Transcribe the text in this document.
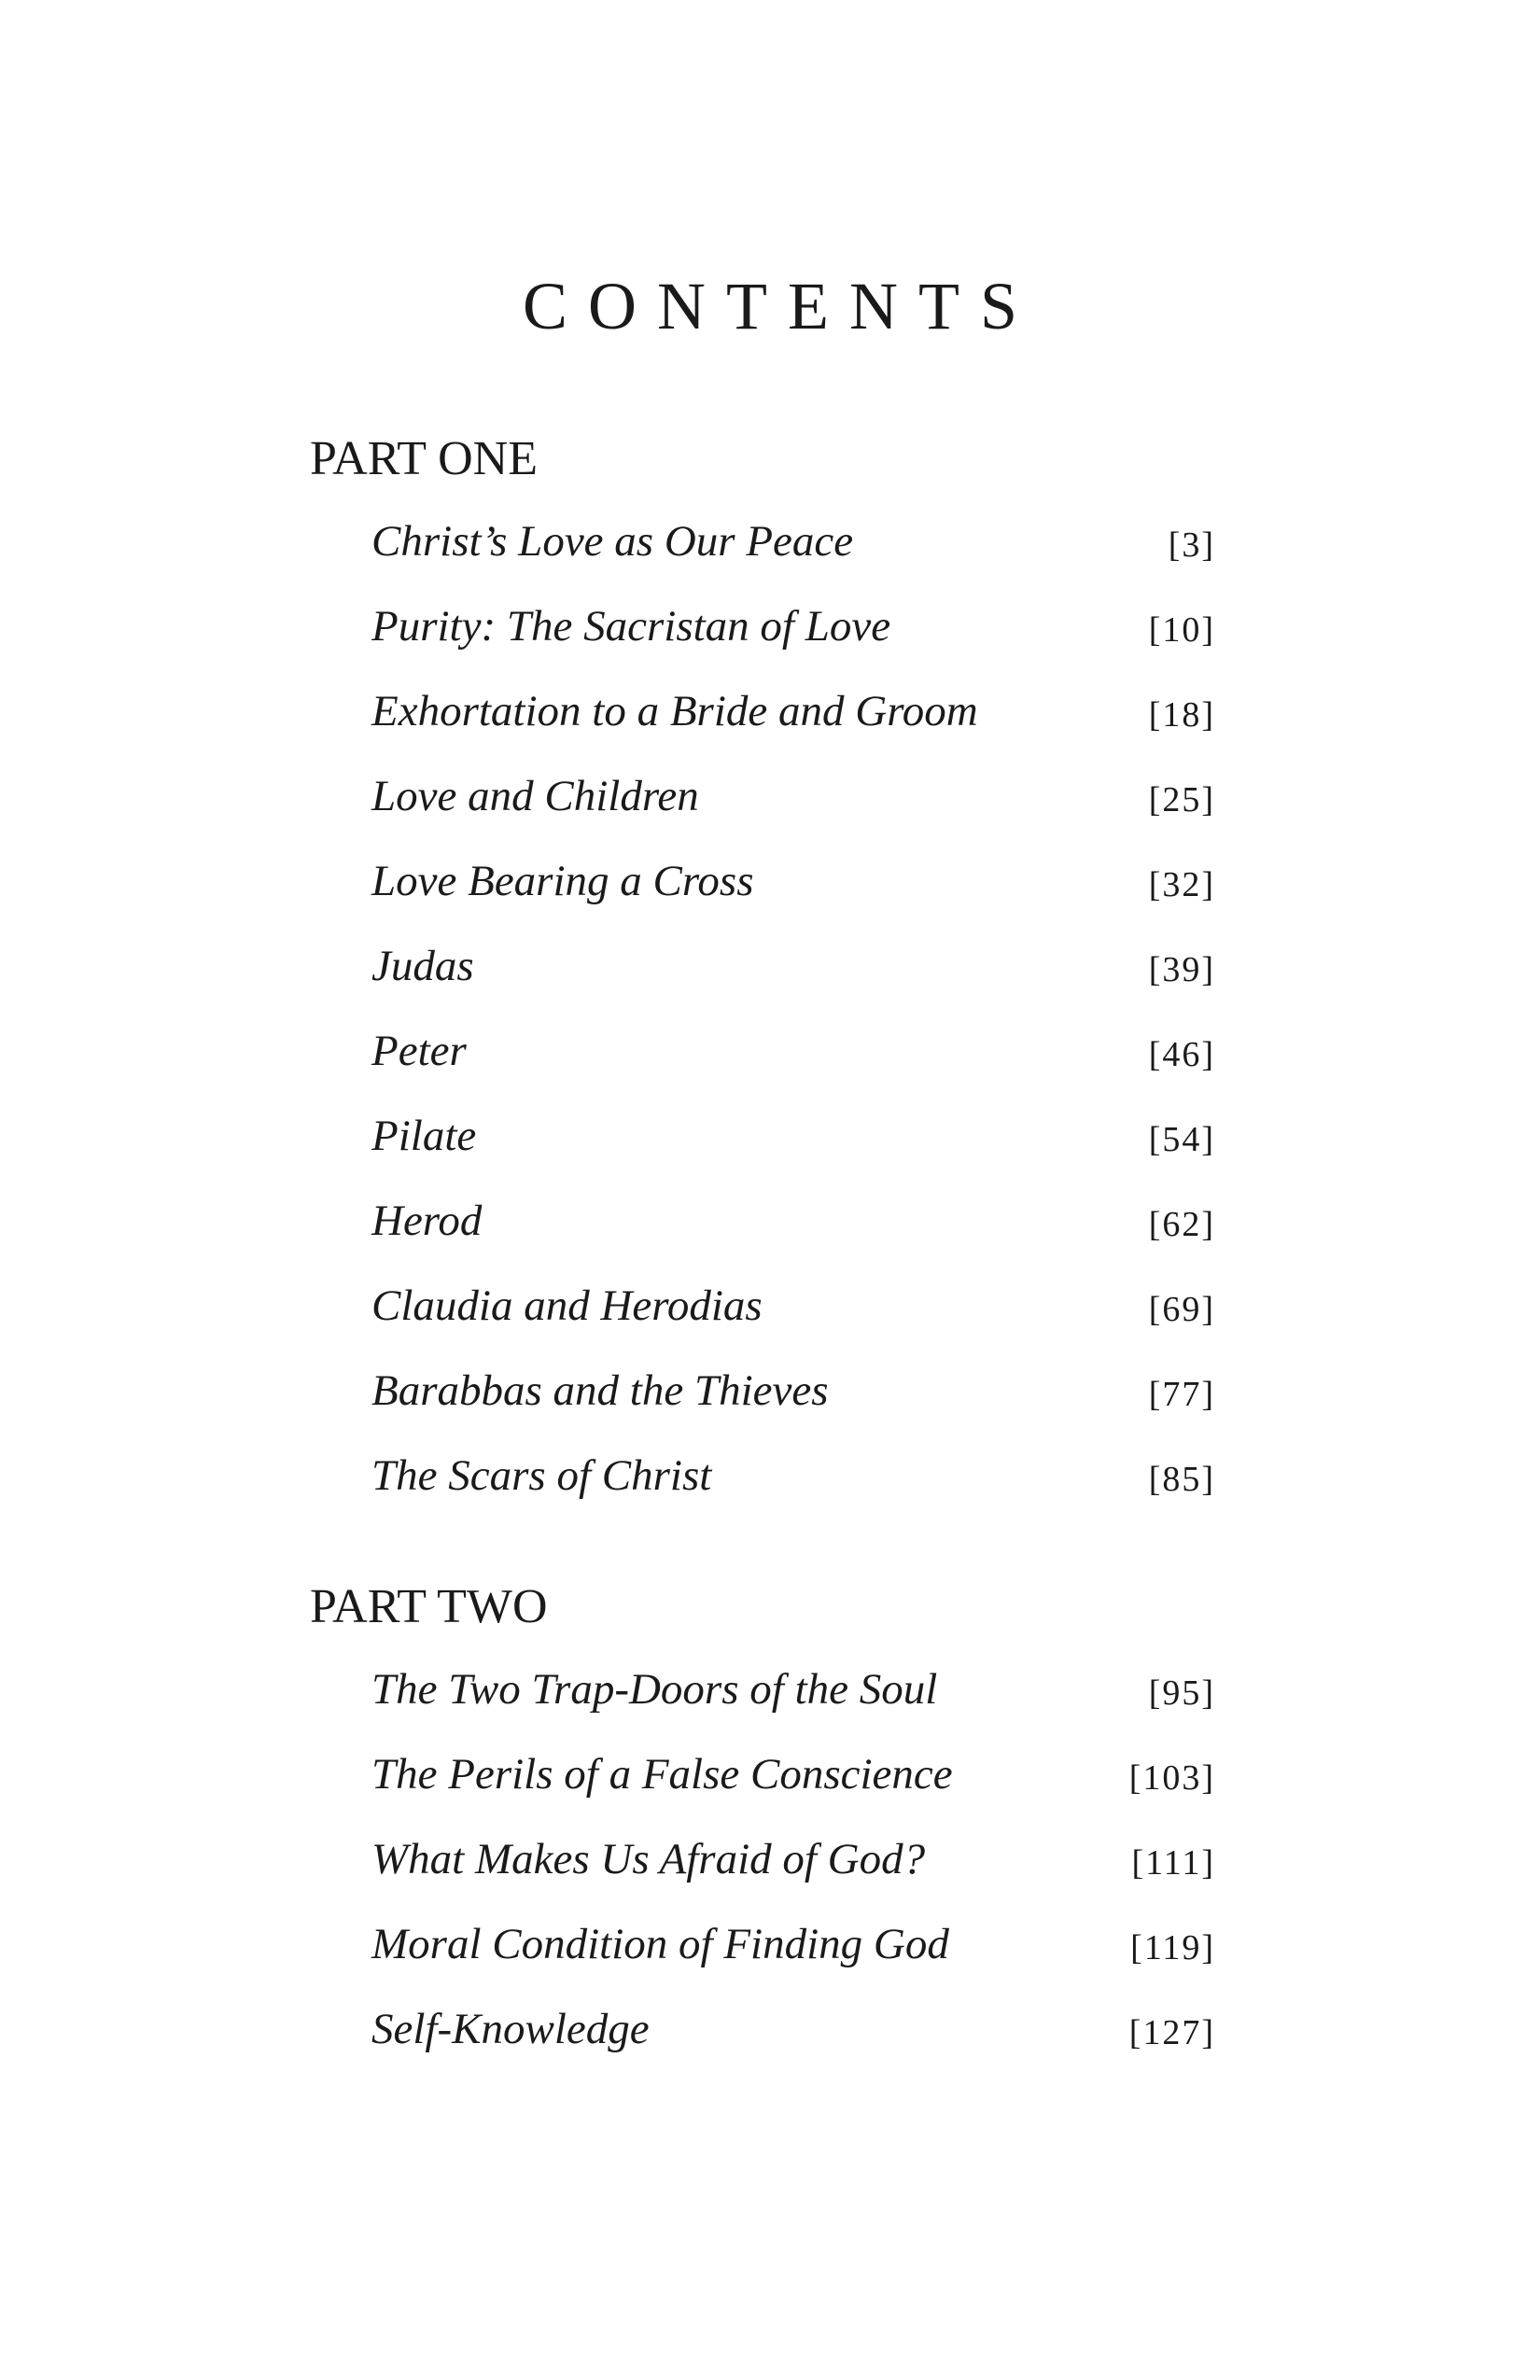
CONTENTS
PART ONE
Christ’s Love as Our Peace	[3]
Purity: The Sacristan of Love	[10]
Exhortation to a Bride and Groom	[18]
Love and Children	[25]
Love Bearing a Cross	[32]
Judas	[39]
Peter	[46]
Pilate	[54]
Herod	[62]
Claudia and Herodias	[69]
Barabbas and the Thieves	[77]
The Scars of Christ	[85]
PART TWO
The Two Trap-Doors of the Soul	[95]
The Perils of a False Conscience	[103]
What Makes Us Afraid of God?	[111]
Moral Condition of Finding God	[119]
Self-Knowledge	[127]
